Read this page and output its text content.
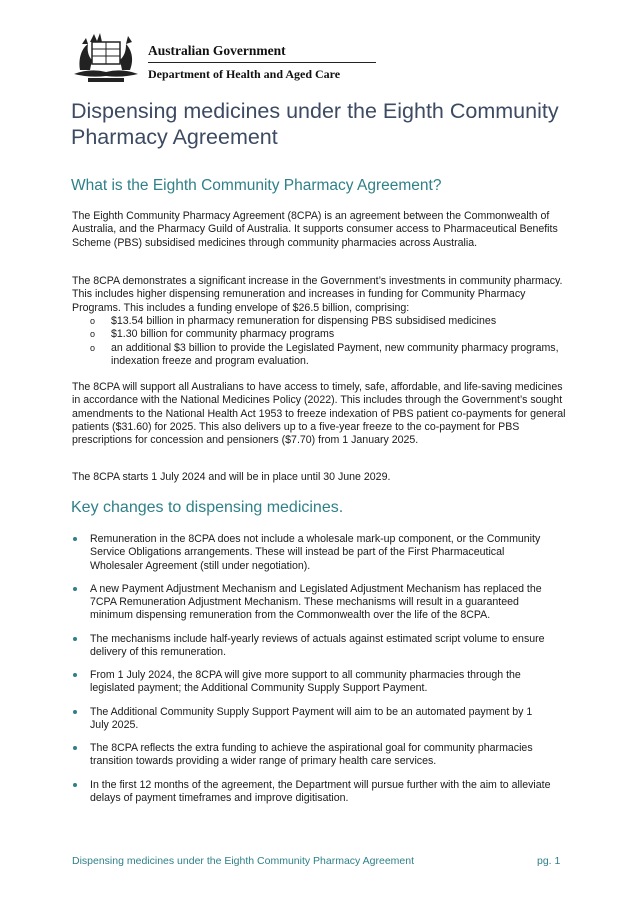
Australian Government
Department of Health and Aged Care
Dispensing medicines under the Eighth Community Pharmacy Agreement
What is the Eighth Community Pharmacy Agreement?

The Eighth Community Pharmacy Agreement (8CPA) is an agreement between the Commonwealth of Australia, and the Pharmacy Guild of Australia. It supports consumer access to Pharmaceutical Benefits Scheme (PBS) subsidised medicines through community pharmacies across Australia.

The 8CPA demonstrates a significant increase in the Government’s investments in community pharmacy. This includes higher dispensing remuneration and increases in funding for Community Pharmacy Programs. This includes a funding envelope of $26.5 billion, comprising:

o $13.54 billion in pharmacy remuneration for dispensing PBS subsidised medicines
o $1.30 billion for community pharmacy programs
o an additional $3 billion to provide the Legislated Payment, new community pharmacy programs, indexation freeze and program evaluation.

The 8CPA will support all Australians to have access to timely, safe, affordable, and life-saving medicines in accordance with the National Medicines Policy (2022). This includes through the Government’s sought amendments to the National Health Act 1953 to freeze indexation of PBS patient co-payments for general patients ($31.60) for 2025. This also delivers up to a five-year freeze to the co-payment for PBS prescriptions for concession and pensioners ($7.70) from 1 January 2025.

The 8CPA starts 1 July 2024 and will be in place until 30 June 2029.

Key changes to dispensing medicines.
Remuneration in the 8CPA does not include a wholesale mark-up component, or the Community Service Obligations arrangements. These will instead be part of the First Pharmaceutical Wholesaler Agreement (still under negotiation).
A new Payment Adjustment Mechanism and Legislated Adjustment Mechanism has replaced the 7CPA Remuneration Adjustment Mechanism. These mechanisms will result in a guaranteed minimum dispensing remuneration from the Commonwealth over the life of the 8CPA.
The mechanisms include half-yearly reviews of actuals against estimated script volume to ensure delivery of this remuneration.
From 1 July 2024, the 8CPA will give more support to all community pharmacies through the legislated payment; the Additional Community Supply Support Payment.
The Additional Community Supply Support Payment will aim to be an automated payment by 1 July 2025.
The 8CPA reflects the extra funding to achieve the aspirational goal for community pharmacies transition towards providing a wider range of primary health care services.
In the first 12 months of the agreement, the Department will pursue further with the aim to alleviate delays of payment timeframes and improve digitisation.
Dispensing medicines under the Eighth Community Pharmacy Agreement	pg. 1
